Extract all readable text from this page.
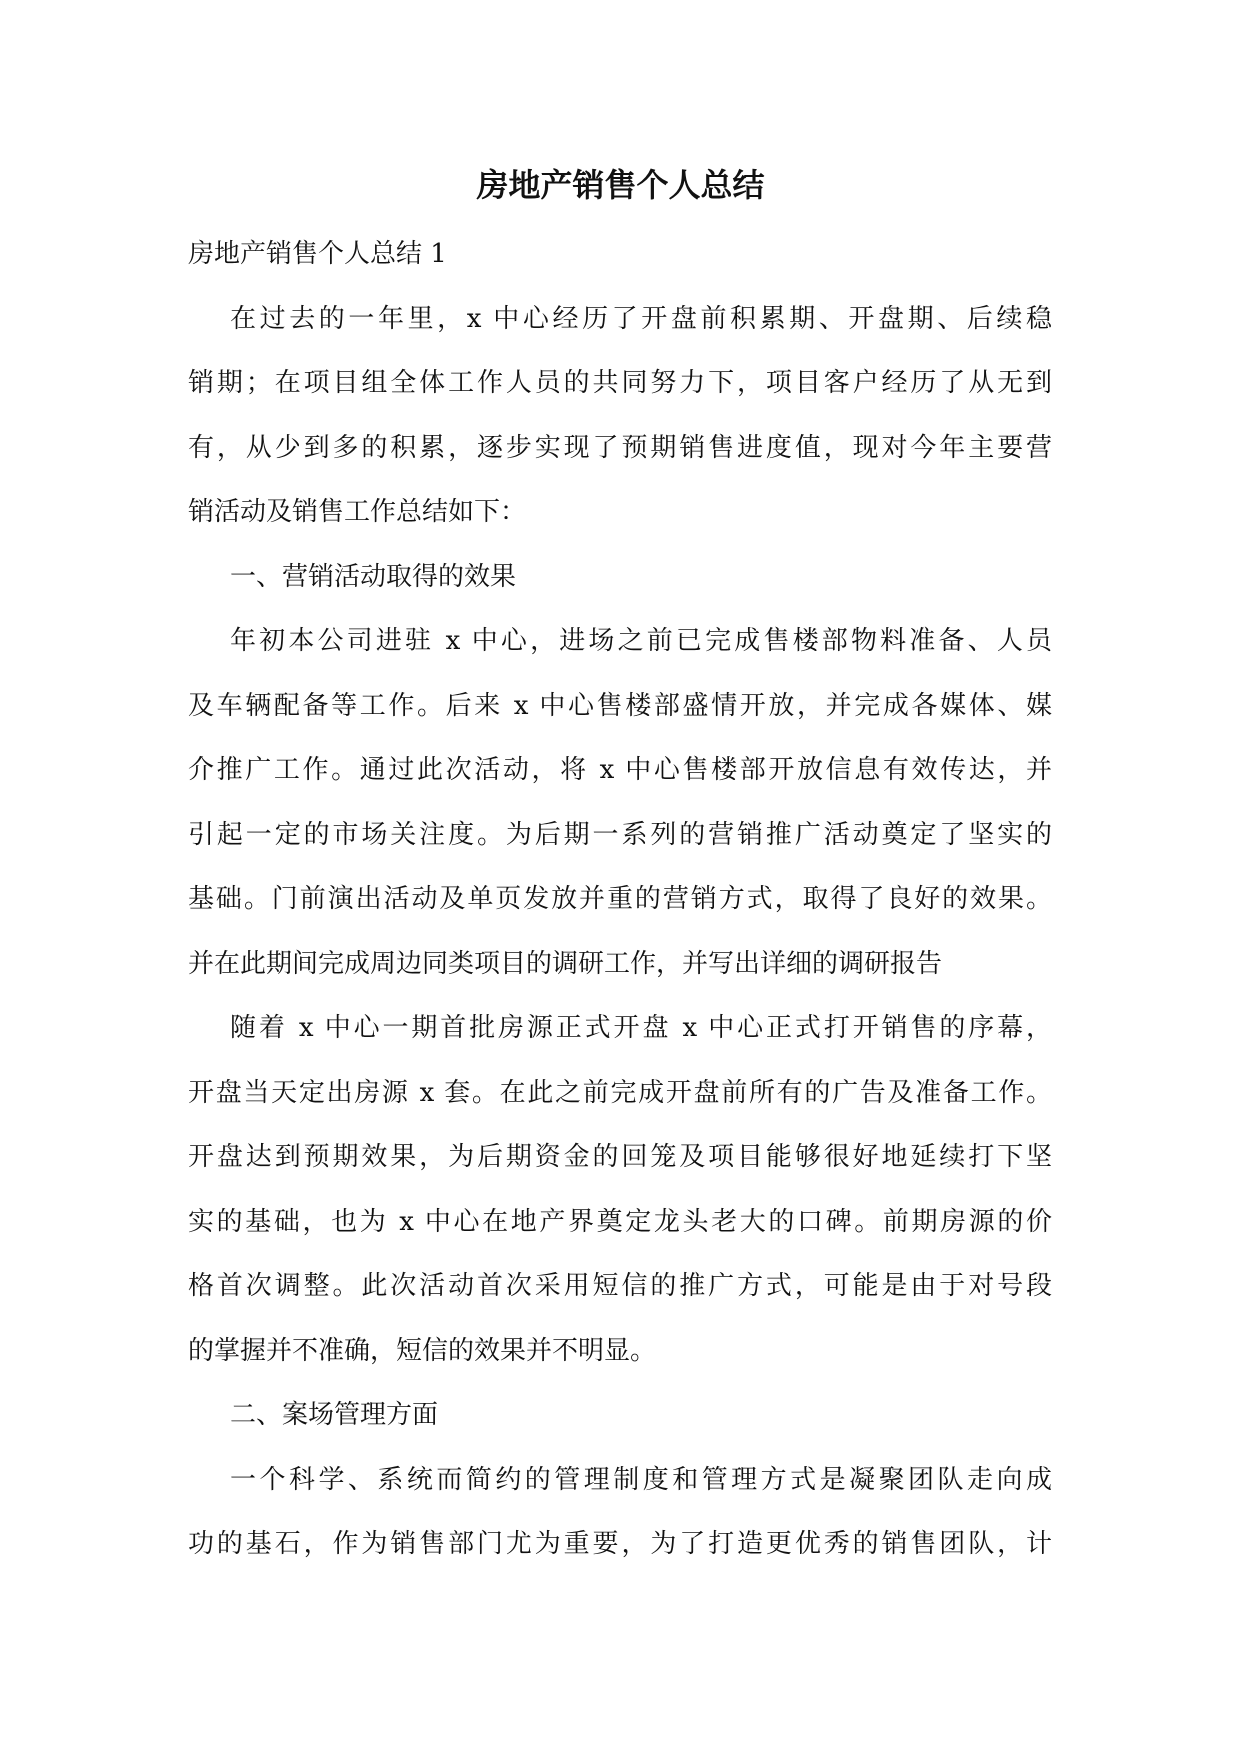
房地产销售个人总结
房地产销售个人总结 1
在过去的一年里，x 中心经历了开盘前积累期、开盘期、后续稳
销期；在项目组全体工作人员的共同努力下，项目客户经历了从无到
有，从少到多的积累，逐步实现了预期销售进度值，现对今年主要营
销活动及销售工作总结如下：
一、营销活动取得的效果
年初本公司进驻 x 中心，进场之前已完成售楼部物料准备、人员
及车辆配备等工作。后来 x 中心售楼部盛情开放，并完成各媒体、媒
介推广工作。通过此次活动，将 x 中心售楼部开放信息有效传达，并
引起一定的市场关注度。为后期一系列的营销推广活动奠定了坚实的
基础。门前演出活动及单页发放并重的营销方式，取得了良好的效果。
并在此期间完成周边同类项目的调研工作，并写出详细的调研报告
随着 x 中心一期首批房源正式开盘 x 中心正式打开销售的序幕，
开盘当天定出房源 x 套。在此之前完成开盘前所有的广告及准备工作。
开盘达到预期效果，为后期资金的回笼及项目能够很好地延续打下坚
实的基础，也为 x 中心在地产界奠定龙头老大的口碑。前期房源的价
格首次调整。此次活动首次采用短信的推广方式，可能是由于对号段
的掌握并不准确，短信的效果并不明显。
二、案场管理方面
一个科学、系统而简约的管理制度和管理方式是凝聚团队走向成
功的基石，作为销售部门尤为重要，为了打造更优秀的销售团队，计
